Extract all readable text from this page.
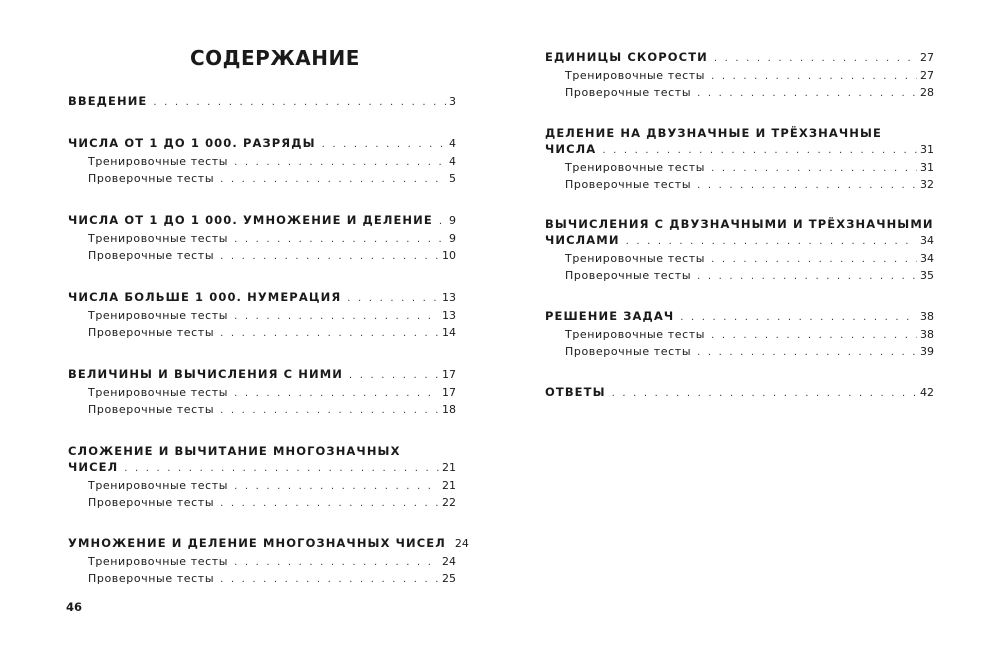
СОДЕРЖАНИЕ
ВВЕДЕНИЕ . . .	3
ЧИСЛА ОТ 1 ДО 1 000. РАЗРЯДЫ . . .	4
Тренировочные тесты . . .	4
Проверочные тесты . . .	5
ЧИСЛА ОТ 1 ДО 1 000. УМНОЖЕНИЕ И ДЕЛЕНИЕ . . . 9
Тренировочные тесты . . .	9
Проверочные тесты . . .	10
ЧИСЛА БОЛЬШЕ 1 000. НУМЕРАЦИЯ . . .	13
Тренировочные тесты . . .	13
Проверочные тесты . . .	14
ВЕЛИЧИНЫ И ВЫЧИСЛЕНИЯ С НИМИ . . .	17
Тренировочные тесты . . .	17
Проверочные тесты . . .	18
СЛОЖЕНИЕ И ВЫЧИТАНИЕ МНОГОЗНАЧНЫХ
ЧИСЕЛ . . .	21
Тренировочные тесты . . .	21
Проверочные тесты . . .	22
УМНОЖЕНИЕ И ДЕЛЕНИЕ МНОГОЗНАЧНЫХ ЧИСЕЛ 24
Тренировочные тесты . . .	24
Проверочные тесты . . .	25
ЕДИНИЦЫ СКОРОСТИ . . .	27
Тренировочные тесты . . .	27
Проверочные тесты . . .	28
ДЕЛЕНИЕ НА ДВУЗНАЧНЫЕ И ТРЁХЗНАЧНЫЕ
ЧИСЛА . . .	31
Тренировочные тесты . . .	31
Проверочные тесты . . .	32
ВЫЧИСЛЕНИЯ С ДВУЗНАЧНЫМИ И ТРЁХЗНАЧНЫМИ
ЧИСЛАМИ . . .	34
Тренировочные тесты . . .	34
Проверочные тесты . . .	35
РЕШЕНИЕ ЗАДАЧ . . .	38
Тренировочные тесты . . .	38
Проверочные тесты . . .	39
ОТВЕТЫ . . .	42
46
